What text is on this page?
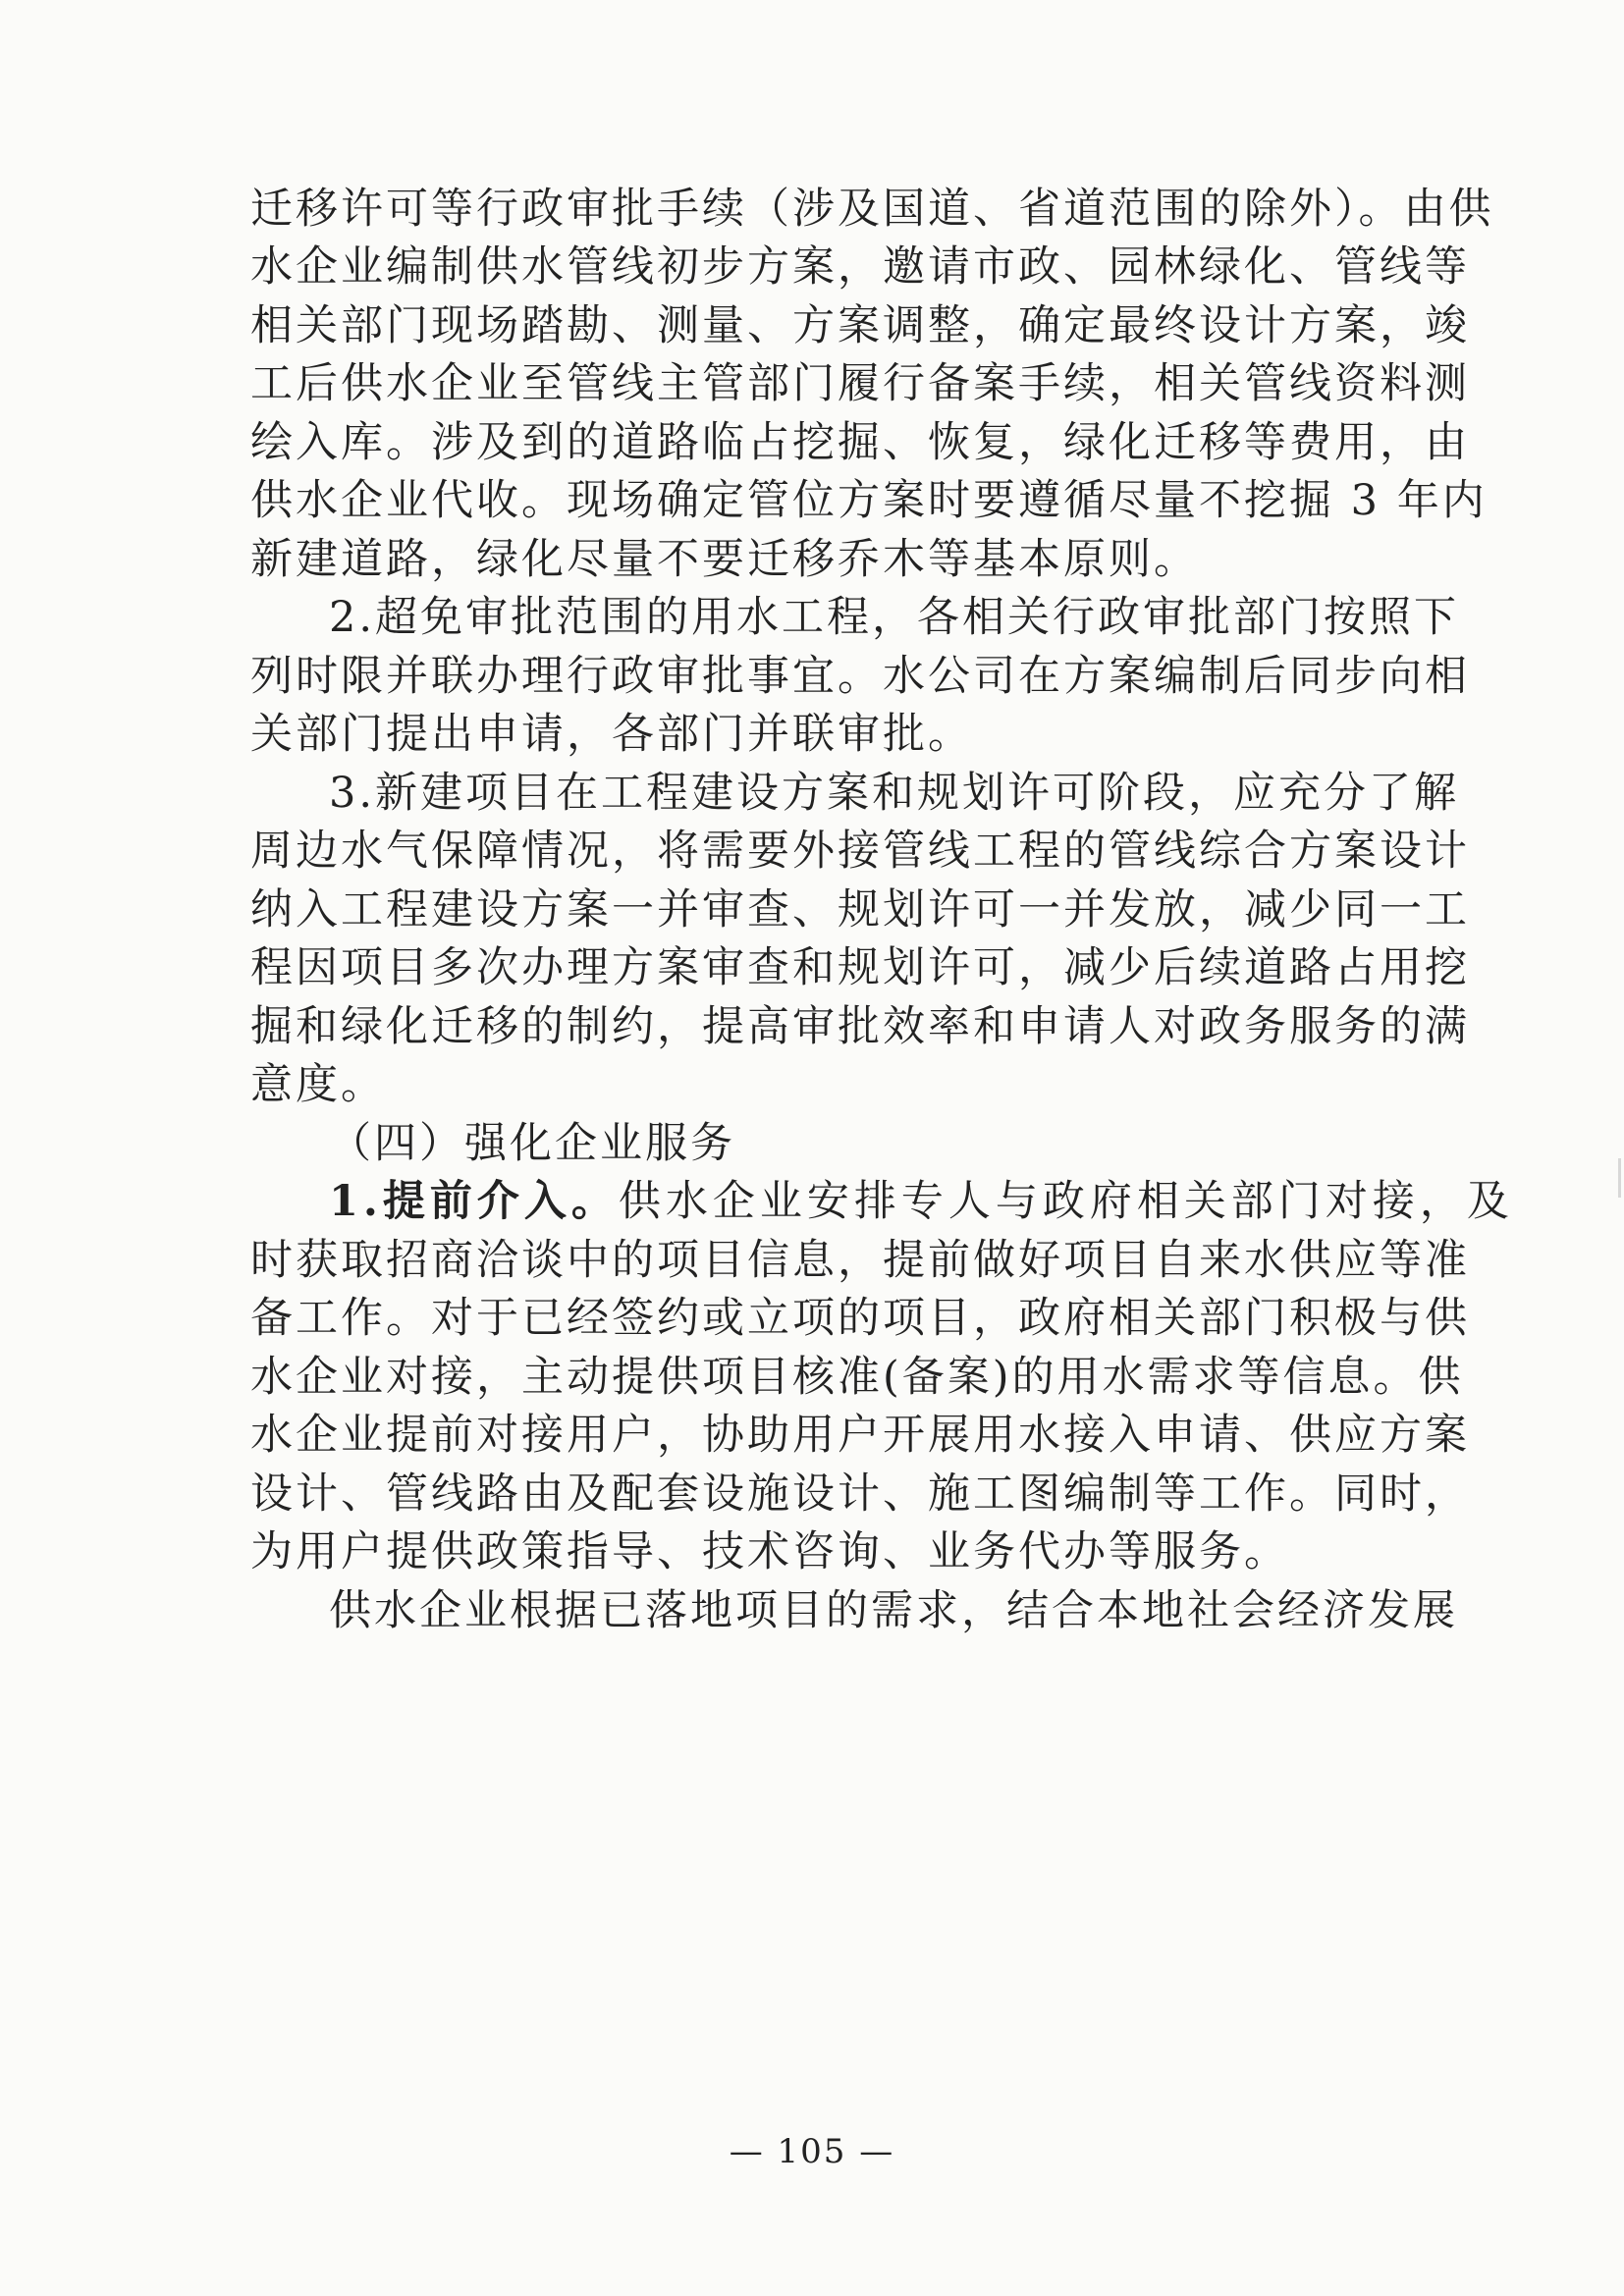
迁移许可等行政审批手续（涉及国道、省道范围的除外）。由供
水企业编制供水管线初步方案，邀请市政、园林绿化、管线等
相关部门现场踏勘、测量、方案调整，确定最终设计方案，竣
工后供水企业至管线主管部门履行备案手续，相关管线资料测
绘入库。涉及到的道路临占挖掘、恢复，绿化迁移等费用，由
供水企业代收。现场确定管位方案时要遵循尽量不挖掘 3 年内
新建道路，绿化尽量不要迁移乔木等基本原则。
2.超免审批范围的用水工程，各相关行政审批部门按照下
列时限并联办理行政审批事宜。水公司在方案编制后同步向相
关部门提出申请，各部门并联审批。
3.新建项目在工程建设方案和规划许可阶段，应充分了解
周边水气保障情况，将需要外接管线工程的管线综合方案设计
纳入工程建设方案一并审查、规划许可一并发放，减少同一工
程因项目多次办理方案审查和规划许可，减少后续道路占用挖
掘和绿化迁移的制约，提高审批效率和申请人对政务服务的满
意度。
（四）强化企业服务
1.提前介入。供水企业安排专人与政府相关部门对接，及
时获取招商洽谈中的项目信息，提前做好项目自来水供应等准
备工作。对于已经签约或立项的项目，政府相关部门积极与供
水企业对接，主动提供项目核准(备案)的用水需求等信息。供
水企业提前对接用户，协助用户开展用水接入申请、供应方案
设计、管线路由及配套设施设计、施工图编制等工作。同时，
为用户提供政策指导、技术咨询、业务代办等服务。
供水企业根据已落地项目的需求，结合本地社会经济发展
— 105 —
